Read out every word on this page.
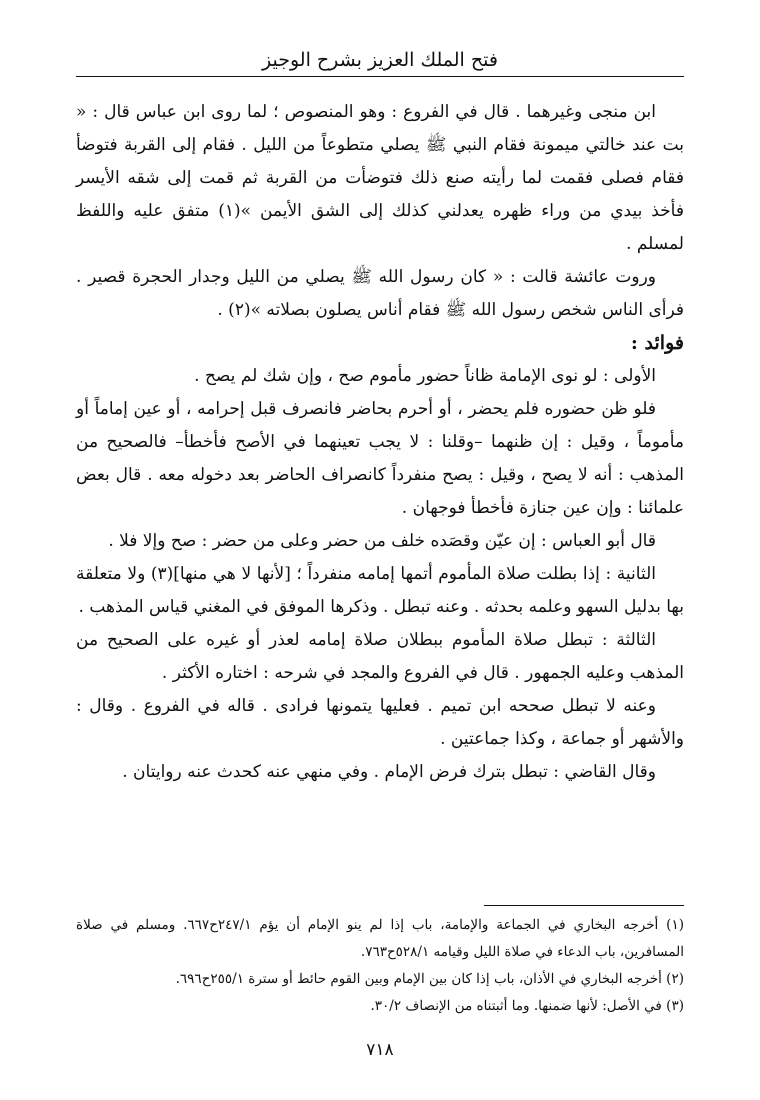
فتح الملك العزيز بشرح الوجيز

ابن منجى وغيرهما . قال في الفروع : وهو المنصوص ؛ لما روى ابن عباس قال : « بت عند خالتي ميمونة فقام النبي ﷺ يصلي متطوعاً من الليل . فقام إلى القربة فتوضأ فقام فصلى فقمت لما رأيته صنع ذلك فتوضأت من القربة ثم قمت إلى شقه الأيسر فأخذ بيدي من وراء ظهره يعدلني كذلك إلى الشق الأيمن »(١) متفق عليه واللفظ لمسلم .

وروت عائشة قالت : « كان رسول الله ﷺ يصلي من الليل وجدار الحجرة قصير . فرأى الناس شخص رسول الله ﷺ فقام أناس يصلون بصلاته »(٢) .

فوائد :

الأولى : لو نوى الإمامة ظاناً حضور مأموم صح ، وإن شك لم يصح .

فلو ظن حضوره فلم يحضر ، أو أحرم بحاضر فانصرف قبل إحرامه ، أو عين إماماً أو مأموماً ، وقيل : إن ظنهما –وقلنا : لا يجب تعينهما في الأصح فأخطأ– فالصحيح من المذهب : أنه لا يصح ، وقيل : يصح منفرداً كانصراف الحاضر بعد دخوله معه . قال بعض علمائنا : وإن عين جنازة فأخطأ فوجهان .

قال أبو العباس : إن عيّن وقصَده خلف من حضر وعلى من حضر : صح وإلا فلا .

الثانية : إذا بطلت صلاة المأموم أتمها إمامه منفرداً ؛ [لأنها لا هي منها](٣) ولا متعلقة بها بدليل السهو وعلمه بحدثه . وعنه تبطل . وذكرها الموفق في المغني قياس المذهب .

الثالثة : تبطل صلاة المأموم ببطلان صلاة إمامه لعذر أو غيره على الصحيح من المذهب وعليه الجمهور . قال في الفروع والمجد في شرحه : اختاره الأكثر .

وعنه لا تبطل صححه ابن تميم . فعليها يتمونها فرادى . قاله في الفروع . وقال : والأشهر أو جماعة ، وكذا جماعتين .

وقال القاضي : تبطل بترك فرض الإمام . وفي منهي عنه كحدث عنه روايتان .

(١) أخرجه البخاري في الجماعة والإمامة، باب إذا لم ينو الإمام أن يؤم ٢٤٧/١ح٦٦٧. ومسلم في صلاة المسافرين، باب الدعاء في صلاة الليل وقيامه ٥٢٨/١ح٧٦٣.

(٢) أخرجه البخاري في الأذان، باب إذا كان بين الإمام وبين القوم حائط أو سترة ٢٥٥/١ح٦٩٦.

(٣) في الأصل: لأنها ضمنها. وما أثبتناه من الإنصاف ٣٠/٢.

٧١٨
